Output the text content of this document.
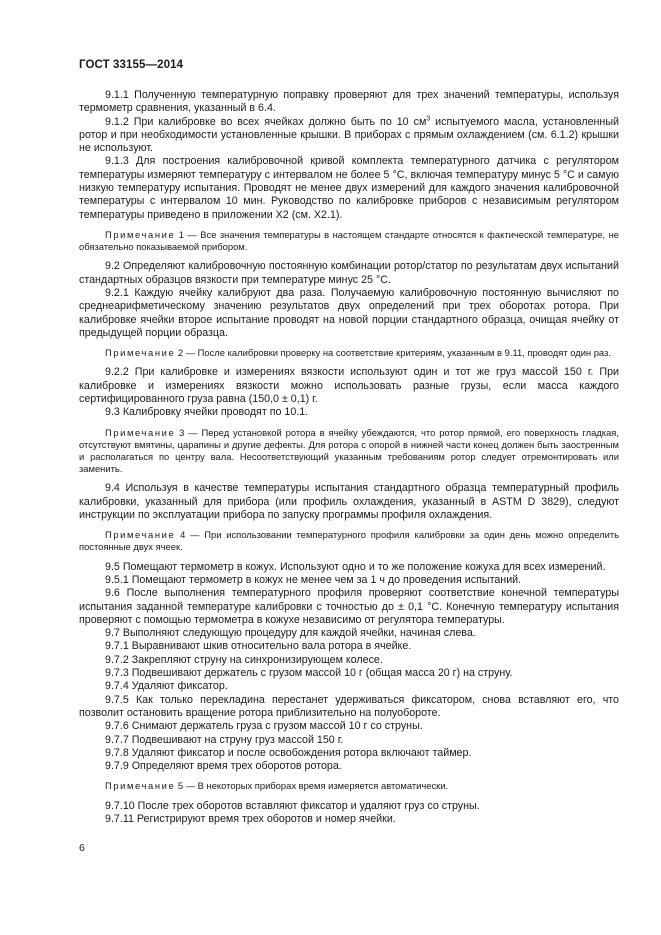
ГОСТ 33155—2014

9.1.1 Полученную температурную поправку проверяют для трех значений температуры, используя термометр сравнения, указанный в 6.4.

9.1.2 При калибровке во всех ячейках должно быть по 10 $см^3$ испытуемого масла, установленный ротор и при необходимости установленные крышки. В приборах с прямым охлаждением (см. 6.1.2) крышки не используют.

9.1.3 Для построения калибровочной кривой комплекта температурного датчика с регулятором температуры измеряют температуру с интервалом не более 5 °С, включая температуру минус 5 °С и самую низкую температуру испытания. Проводят не менее двух измерений для каждого значения калибровочной температуры с интервалом 10 мин. Руководство по калибровке приборов с независимым регулятором температуры приведено в приложении Х2 (см. Х2.1).

Примечание 1 — Все значения температуры в настоящем стандарте относятся к фактической температуре, не обязательно показываемой прибором.

9.2 Определяют калибровочную постоянную комбинации ротор/статор по результатам двух испытаний стандартных образцов вязкости при температуре минус 25 °С.

9.2.1 Каждую ячейку калибруют два раза. Получаемую калибровочную постоянную вычисляют по среднеарифметическому значению результатов двух определений при трех оборотах ротора. При калибровке ячейки второе испытание проводят на новой порции стандартного образца, очищая ячейку от предыдущей порции образца.

Примечание 2 — После калибровки проверку на соответствие критериям, указанным в 9.11, проводят один раз.

9.2.2 При калибровке и измерениях вязкости используют один и тот же груз массой 150 г. При калибровке и измерениях вязкости можно использовать разные грузы, если масса каждого сертифицированного груза равна (150,0 ± 0,1) г.

9.3 Калибровку ячейки проводят по 10.1.

Примечание 3 — Перед установкой ротора в ячейку убеждаются, что ротор прямой, его поверхность гладкая, отсутствуют вмятины, царапины и другие дефекты. Для ротора с опорой в нижней части конец должен быть заостренным и располагаться по центру вала. Несоответствующий указанным требованиям ротор следует отремонтировать или заменить.

9.4 Используя в качестве температуры испытания стандартного образца температурный профиль калибровки, указанный для прибора (или профиль охлаждения, указанный в ASTM D 3829), следуют инструкции по эксплуатации прибора по запуску программы профиля охлаждения.

Примечание 4 — При использовании температурного профиля калибровки за один день можно определить постоянные двух ячеек.

9.5 Помещают термометр в кожух. Используют одно и то же положение кожуха для всех измерений.

9.5.1 Помещают термометр в кожух не менее чем за 1 ч до проведения испытаний.

9.6 После выполнения температурного профиля проверяют соответствие конечной температуры испытания заданной температуре калибровки с точностью до ± 0,1 °С. Конечную температуру испытания проверяют с помощью термометра в кожухе независимо от регулятора температуры.

9.7 Выполняют следующую процедуру для каждой ячейки, начиная слева.

9.7.1 Выравнивают шкив относительно вала ротора в ячейке.

9.7.2 Закрепляют струну на синхронизирующем колесе.

9.7.3 Подвешивают держатель с грузом массой 10 г (общая масса 20 г) на струну.

9.7.4 Удаляют фиксатор.

9.7.5 Как только перекладина перестанет удерживаться фиксатором, снова вставляют его, что позволит остановить вращение ротора приблизительно на полуобороте.

9.7.6 Снимают держатель груза с грузом массой 10 г со струны.

9.7.7 Подвешивают на струну груз массой 150 г.

9.7.8 Удаляют фиксатор и после освобождения ротора включают таймер.

9.7.9 Определяют время трех оборотов ротора.

Примечание 5 — В некоторых приборах время измеряется автоматически.

9.7.10 После трех оборотов вставляют фиксатор и удаляют груз со струны.

9.7.11 Регистрируют время трех оборотов и номер ячейки.

6
